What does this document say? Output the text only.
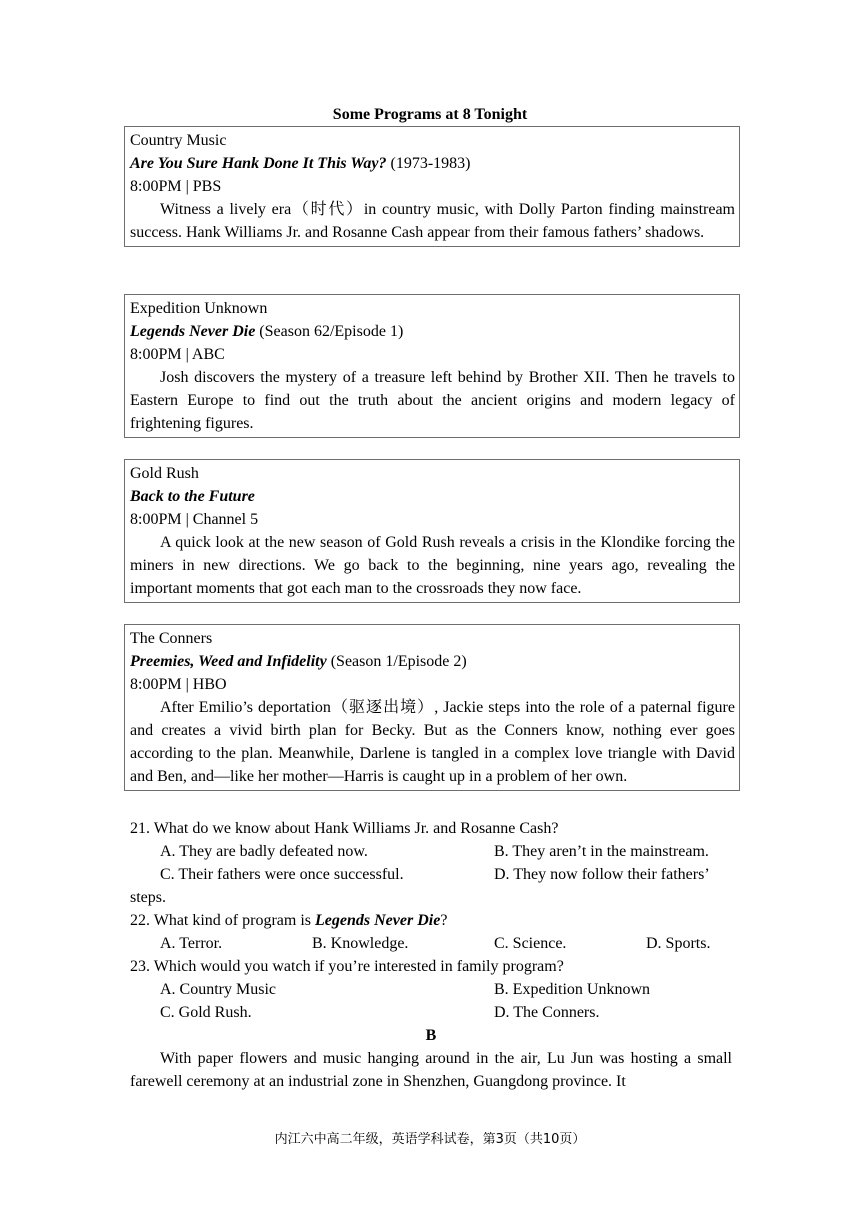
Some Programs at 8 Tonight

Country Music

Are You Sure Hank Done It This Way? (1973-1983)

8:00PM | PBS

Witness a lively era（时代）in country music, with Dolly Parton finding mainstream success. Hank Williams Jr. and Rosanne Cash appear from their famous fathers’ shadows.

Expedition Unknown

Legends Never Die (Season 62/Episode 1)

8:00PM | ABC

Josh discovers the mystery of a treasure left behind by Brother XII. Then he travels to Eastern Europe to find out the truth about the ancient origins and modern legacy of frightening figures.

Gold Rush

Back to the Future

8:00PM | Channel 5

A quick look at the new season of Gold Rush reveals a crisis in the Klondike forcing the miners in new directions. We go back to the beginning, nine years ago, revealing the important moments that got each man to the crossroads they now face.

The Conners

Preemies, Weed and Infidelity (Season 1/Episode 2)

8:00PM | HBO

After Emilio’s deportation（驱逐出境）, Jackie steps into the role of a paternal figure and creates a vivid birth plan for Becky. But as the Conners know, nothing ever goes according to the plan. Meanwhile, Darlene is tangled in a complex love triangle with David and Ben, and—like her mother—Harris is caught up in a problem of her own.

21. What do we know about Hank Williams Jr. and Rosanne Cash?

A. They are badly defeated now.	B. They aren’t in the mainstream.
C. Their fathers were once successful.	D. They now follow their fathers’

steps.

22. What kind of program is Legends Never Die?

A. Terror.	B. Knowledge.	C. Science.	D. Sports.

23. Which would you watch if you’re interested in family program?

A. Country Music	B. Expedition Unknown
C. Gold Rush.	D. The Conners.

B

With paper flowers and music hanging around in the air, Lu Jun was hosting a small farewell ceremony at an industrial zone in Shenzhen, Guangdong province. It

内江六中高二年级，英语学科试卷，第3页（共10页）
